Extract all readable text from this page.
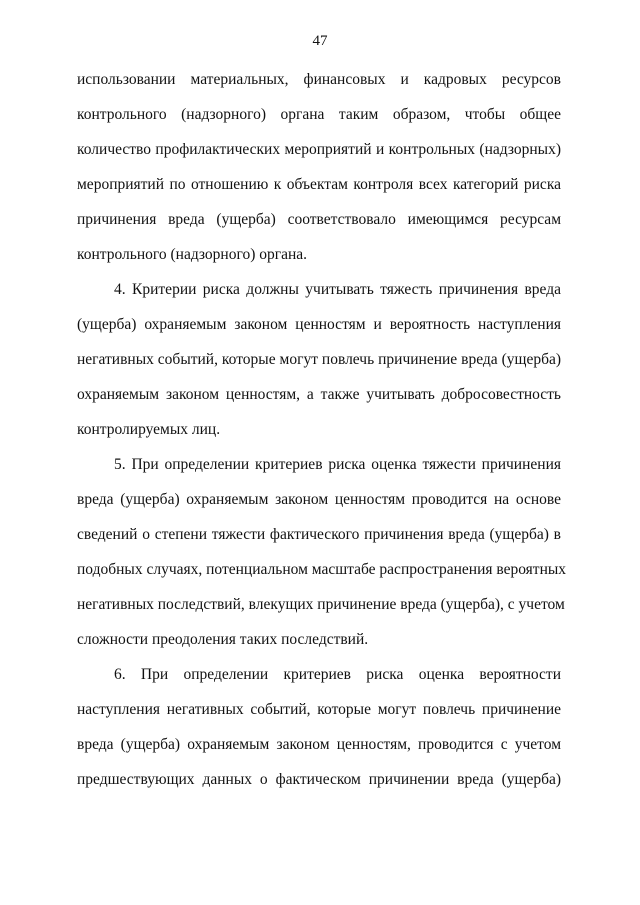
47
использовании материальных, финансовых и кадровых ресурсов
контрольного (надзорного) органа таким образом, чтобы общее
количество профилактических мероприятий и контрольных (надзорных)
мероприятий по отношению к объектам контроля всех категорий риска
причинения вреда (ущерба) соответствовало имеющимся ресурсам
контрольного (надзорного) органа.
4. Критерии риска должны учитывать тяжесть причинения вреда
(ущерба) охраняемым законом ценностям и вероятность наступления
негативных событий, которые могут повлечь причинение вреда (ущерба)
охраняемым законом ценностям, а также учитывать добросовестность
контролируемых лиц.
5. При определении критериев риска оценка тяжести причинения
вреда (ущерба) охраняемым законом ценностям проводится на основе
сведений о степени тяжести фактического причинения вреда (ущерба) в
подобных случаях, потенциальном масштабе распространения вероятных
негативных последствий, влекущих причинение вреда (ущерба), с учетом
сложности преодоления таких последствий.
6. При определении критериев риска оценка вероятности
наступления негативных событий, которые могут повлечь причинение
вреда (ущерба) охраняемым законом ценностям, проводится с учетом
предшествующих данных о фактическом причинении вреда (ущерба)
